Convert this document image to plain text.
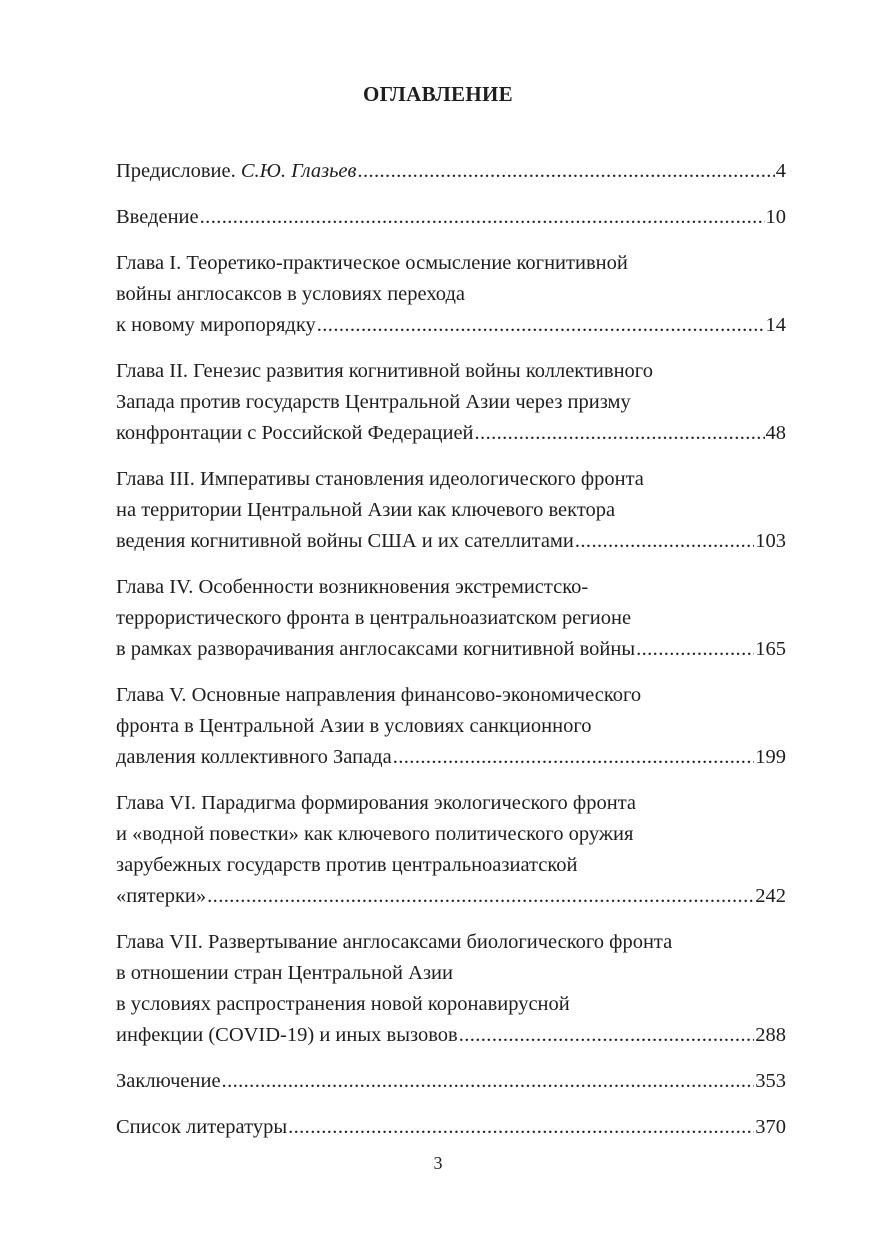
ОГЛАВЛЕНИЕ
Предисловие.
С.Ю. Глазьев .....	4
Введение .....	10
Глава I. Теоретико-практическое осмысление когнитивной
войны англосаксов в условиях перехода
к новому миропорядку .....	14
Глава II. Генезис развития когнитивной войны коллективного
Запада против государств Центральной Азии через призму
конфронтации с Российской Федерацией .....	48
Глава III. Императивы становления идеологического фронта
на территории Центральной Азии как ключевого вектора
ведения когнитивной войны США и их сателлитами .....	103
Глава IV. Особенности возникновения экстремистско-
террористического фронта в центральноазиатском регионе
в рамках разворачивания англосаксами когнитивной войны .....	165
Глава V. Основные направления финансово-экономического
фронта в Центральной Азии в условиях санкционного
давления коллективного Запада .....	199
Глава VI. Парадигма формирования экологического фронта
и «водной повестки» как ключевого политического оружия
зарубежных государств против центральноазиатской
«пятерки» .....	242
Глава VII. Развертывание англосаксами биологического фронта
в отношении стран Центральной Азии
в условиях распространения новой коронавирусной
инфекции (COVID-19) и иных вызовов .....	288
Заключение .....	353
Список литературы .....	370
3
